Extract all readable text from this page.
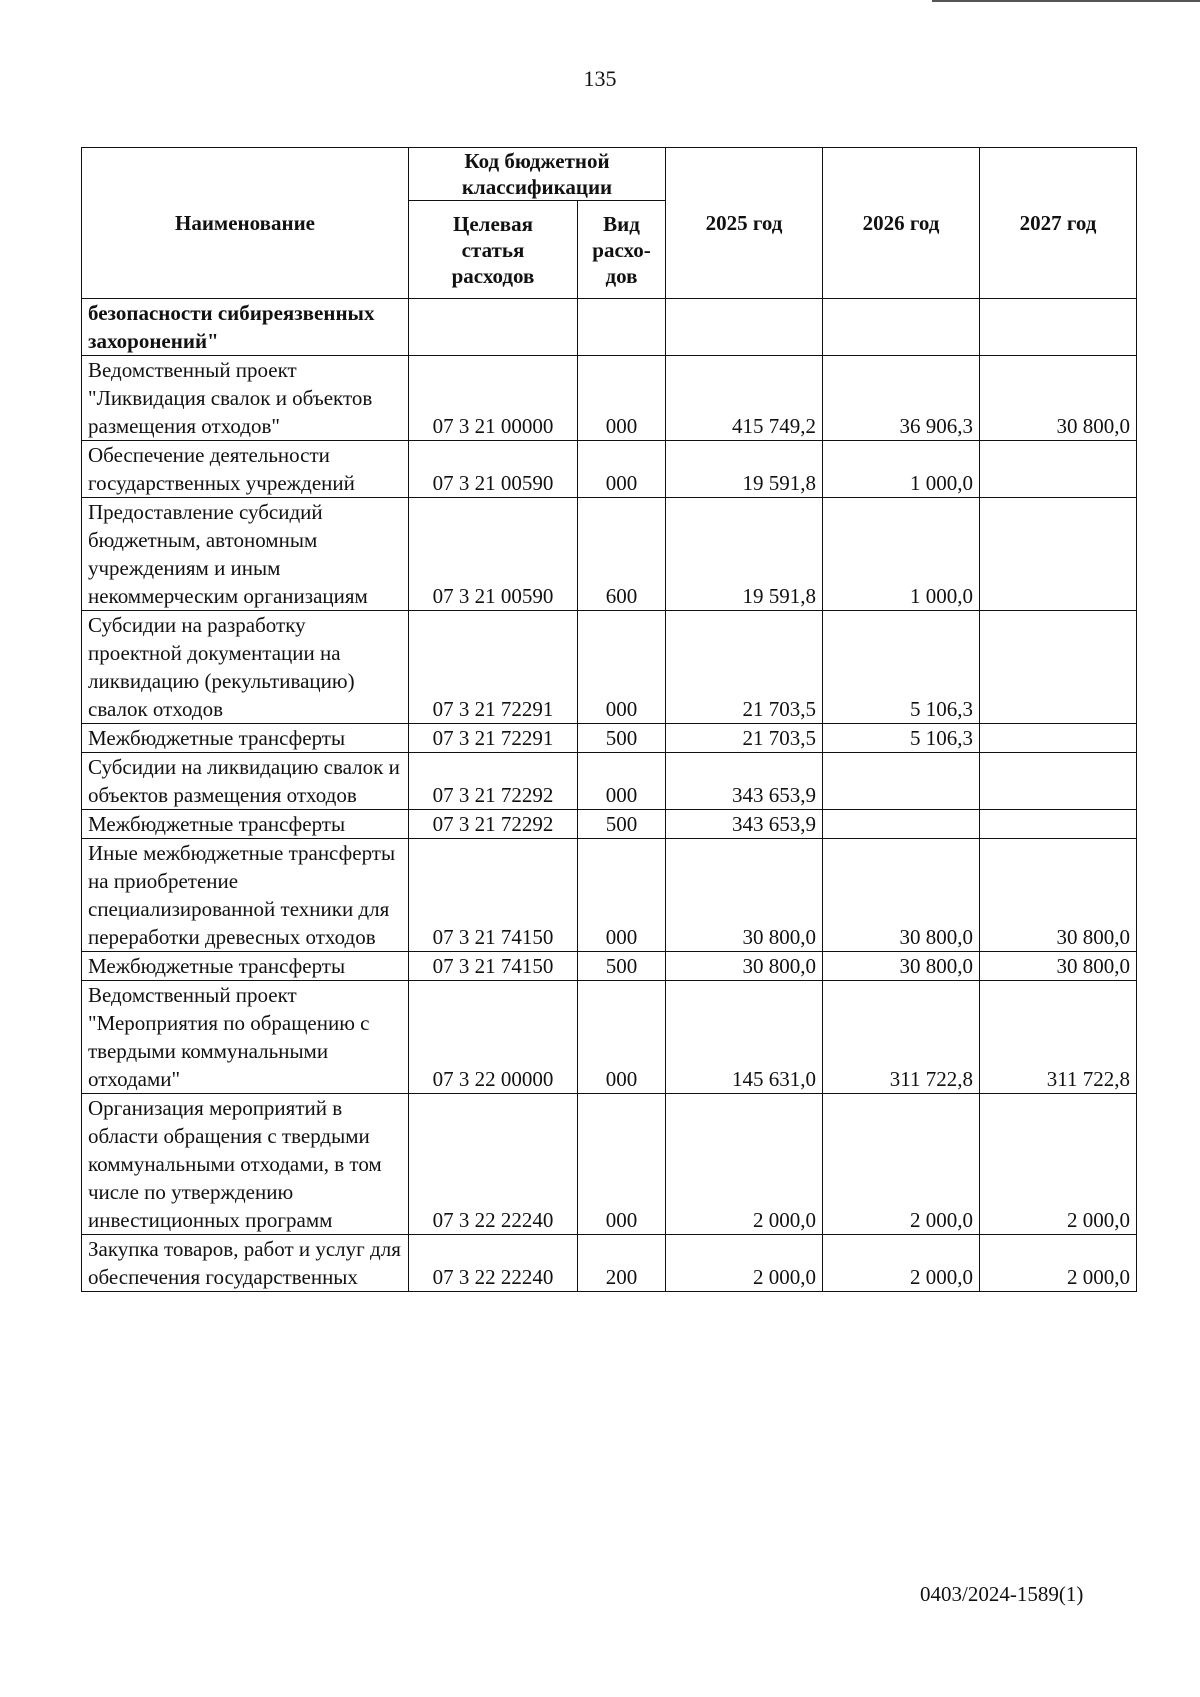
135
Наименование	Код бюджетной классификации		2025 год	2026 год	2027 год
	Целевая статья расходов	Вид расхо-дов			
безопасности сибиреязвенных захоронений"					
Ведомственный проект "Ликвидация свалок и объектов размещения отходов"	07 3 21 00000	000	415 749,2	36 906,3	30 800,0
Обеспечение деятельности государственных учреждений	07 3 21 00590	000	19 591,8	1 000,0	
Предоставление субсидий бюджетным, автономным учреждениям и иным некоммерческим организациям	07 3 21 00590	600	19 591,8	1 000,0	
Субсидии на разработку проектной документации на ликвидацию (рекультивацию) свалок отходов	07 3 21 72291	000	21 703,5	5 106,3	
Межбюджетные трансферты	07 3 21 72291	500	21 703,5	5 106,3	
Субсидии на ликвидацию свалок и объектов размещения отходов	07 3 21 72292	000	343 653,9		
Межбюджетные трансферты	07 3 21 72292	500	343 653,9		
Иные межбюджетные трансферты на приобретение специализированной техники для переработки древесных отходов	07 3 21 74150	000	30 800,0	30 800,0	30 800,0
Межбюджетные трансферты	07 3 21 74150	500	30 800,0	30 800,0	30 800,0
Ведомственный проект "Мероприятия по обращению с твердыми коммунальными отходами"	07 3 22 00000	000	145 631,0	311 722,8	311 722,8
Организация мероприятий в области обращения с твердыми коммунальными отходами, в том числе по утверждению инвестиционных программ	07 3 22 22240	000	2 000,0	2 000,0	2 000,0
Закупка товаров, работ и услуг для обеспечения государственных	07 3 22 22240	200	2 000,0	2 000,0	2 000,0
0403/2024-1589(1)
